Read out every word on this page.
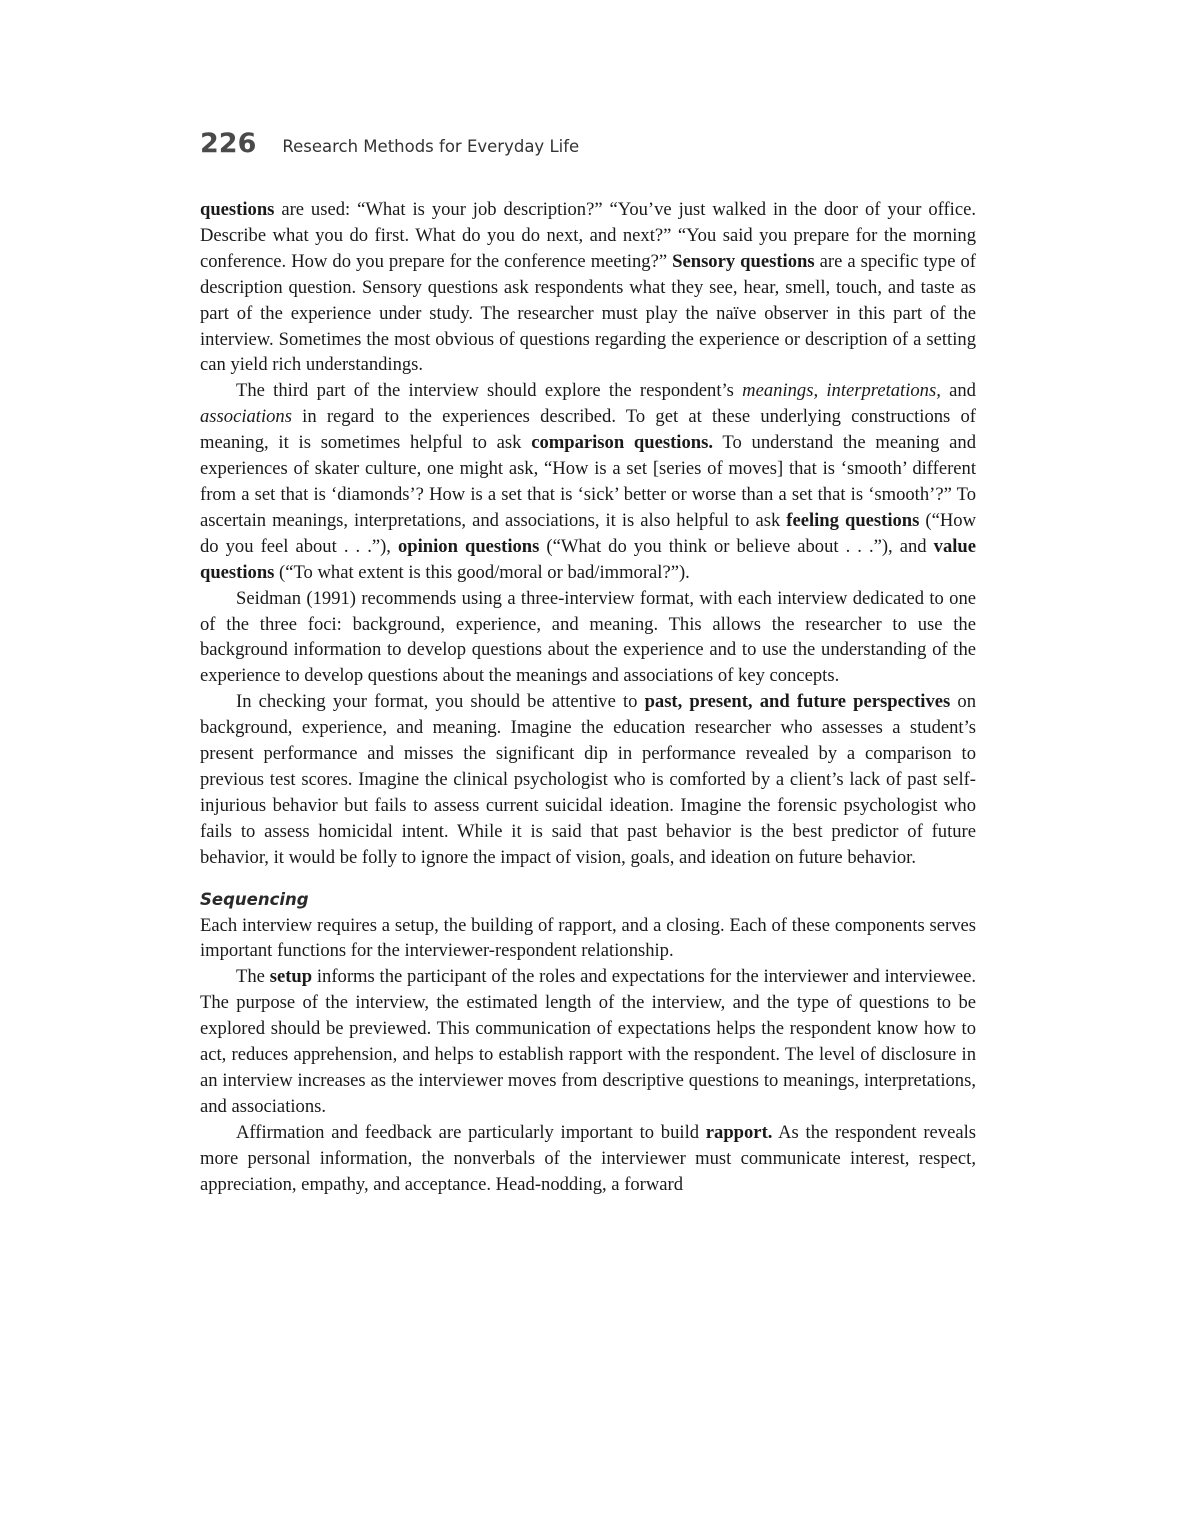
226 Research Methods for Everyday Life

questions are used: “What is your job description?” “You’ve just walked in the door of your office. Describe what you do first. What do you do next, and next?” “You said you prepare for the morning conference. How do you prepare for the conference meeting?” Sensory questions are a specific type of description question. Sensory questions ask respondents what they see, hear, smell, touch, and taste as part of the experience under study. The researcher must play the naïve observer in this part of the interview. Sometimes the most obvious of questions regarding the experience or description of a setting can yield rich understandings.

The third part of the interview should explore the respondent’s meanings, interpretations, and associations in regard to the experiences described. To get at these underlying constructions of meaning, it is sometimes helpful to ask comparison questions. To understand the meaning and experiences of skater culture, one might ask, “How is a set [series of moves] that is ‘smooth’ different from a set that is ‘diamonds’? How is a set that is ‘sick’ better or worse than a set that is ‘smooth’?” To ascertain meanings, interpretations, and associations, it is also helpful to ask feeling questions (“How do you feel about . . .”), opinion questions (“What do you think or believe about . . .”), and value questions (“To what extent is this good/moral or bad/immoral?”).

Seidman (1991) recommends using a three-interview format, with each interview dedicated to one of the three foci: background, experience, and meaning. This allows the researcher to use the background information to develop questions about the experience and to use the understanding of the experience to develop questions about the meanings and associations of key concepts.

In checking your format, you should be attentive to past, present, and future perspectives on background, experience, and meaning. Imagine the education researcher who assesses a student’s present performance and misses the significant dip in performance revealed by a comparison to previous test scores. Imagine the clinical psychologist who is comforted by a client’s lack of past self-injurious behavior but fails to assess current suicidal ideation. Imagine the forensic psychologist who fails to assess homicidal intent. While it is said that past behavior is the best predictor of future behavior, it would be folly to ignore the impact of vision, goals, and ideation on future behavior.

Sequencing

Each interview requires a setup, the building of rapport, and a closing. Each of these components serves important functions for the interviewer-respondent relationship.

The setup informs the participant of the roles and expectations for the interviewer and interviewee. The purpose of the interview, the estimated length of the interview, and the type of questions to be explored should be previewed. This communication of expectations helps the respondent know how to act, reduces apprehension, and helps to establish rapport with the respondent. The level of disclosure in an interview increases as the interviewer moves from descriptive questions to meanings, interpretations, and associations.

Affirmation and feedback are particularly important to build rapport. As the respondent reveals more personal information, the nonverbals of the interviewer must communicate interest, respect, appreciation, empathy, and acceptance. Head-nodding, a forward
